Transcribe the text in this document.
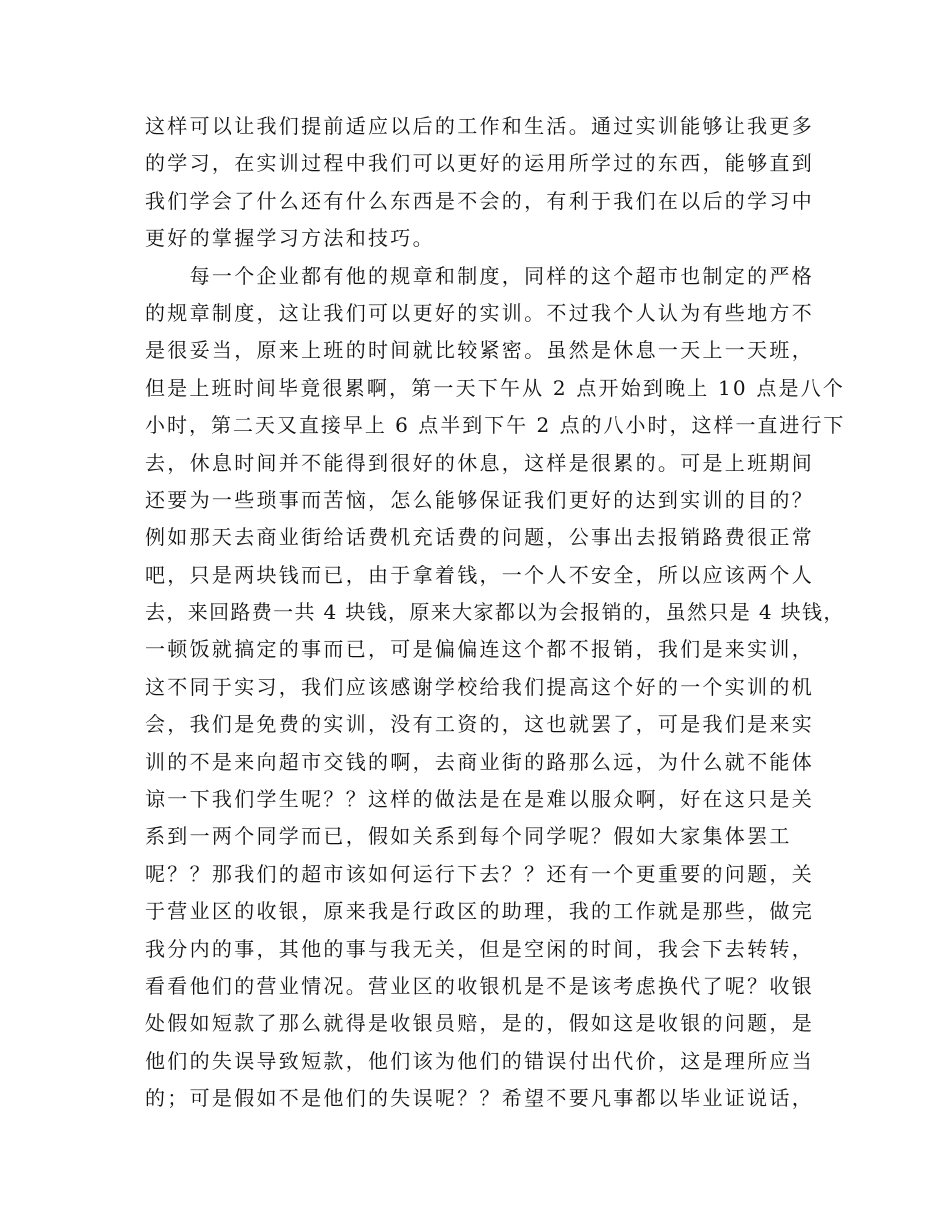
这样可以让我们提前适应以后的工作和生活。通过实训能够让我更多
的学习，在实训过程中我们可以更好的运用所学过的东西，能够直到
我们学会了什么还有什么东西是不会的，有利于我们在以后的学习中
更好的掌握学习方法和技巧。
　　每一个企业都有他的规章和制度，同样的这个超市也制定的严格
的规章制度，这让我们可以更好的实训。不过我个人认为有些地方不
是很妥当，原来上班的时间就比较紧密。虽然是休息一天上一天班，
但是上班时间毕竟很累啊，第一天下午从 2 点开始到晚上 10 点是八个
小时，第二天又直接早上 6 点半到下午 2 点的八小时，这样一直进行下
去，休息时间并不能得到很好的休息，这样是很累的。可是上班期间
还要为一些琐事而苦恼，怎么能够保证我们更好的达到实训的目的？
例如那天去商业街给话费机充话费的问题，公事出去报销路费很正常
吧，只是两块钱而已，由于拿着钱，一个人不安全，所以应该两个人
去，来回路费一共 4 块钱，原来大家都以为会报销的，虽然只是 4 块钱，
一顿饭就搞定的事而已，可是偏偏连这个都不报销，我们是来实训，
这不同于实习，我们应该感谢学校给我们提高这个好的一个实训的机
会，我们是免费的实训，没有工资的，这也就罢了，可是我们是来实
训的不是来向超市交钱的啊，去商业街的路那么远，为什么就不能体
谅一下我们学生呢？？这样的做法是在是难以服众啊，好在这只是关
系到一两个同学而已，假如关系到每个同学呢？假如大家集体罢工
呢？？那我们的超市该如何运行下去？？还有一个更重要的问题，关
于营业区的收银，原来我是行政区的助理，我的工作就是那些，做完
我分内的事，其他的事与我无关，但是空闲的时间，我会下去转转，
看看他们的营业情况。营业区的收银机是不是该考虑换代了呢？收银
处假如短款了那么就得是收银员赔，是的，假如这是收银的问题，是
他们的失误导致短款，他们该为他们的错误付出代价，这是理所应当
的；可是假如不是他们的失误呢？？希望不要凡事都以毕业证说话，
